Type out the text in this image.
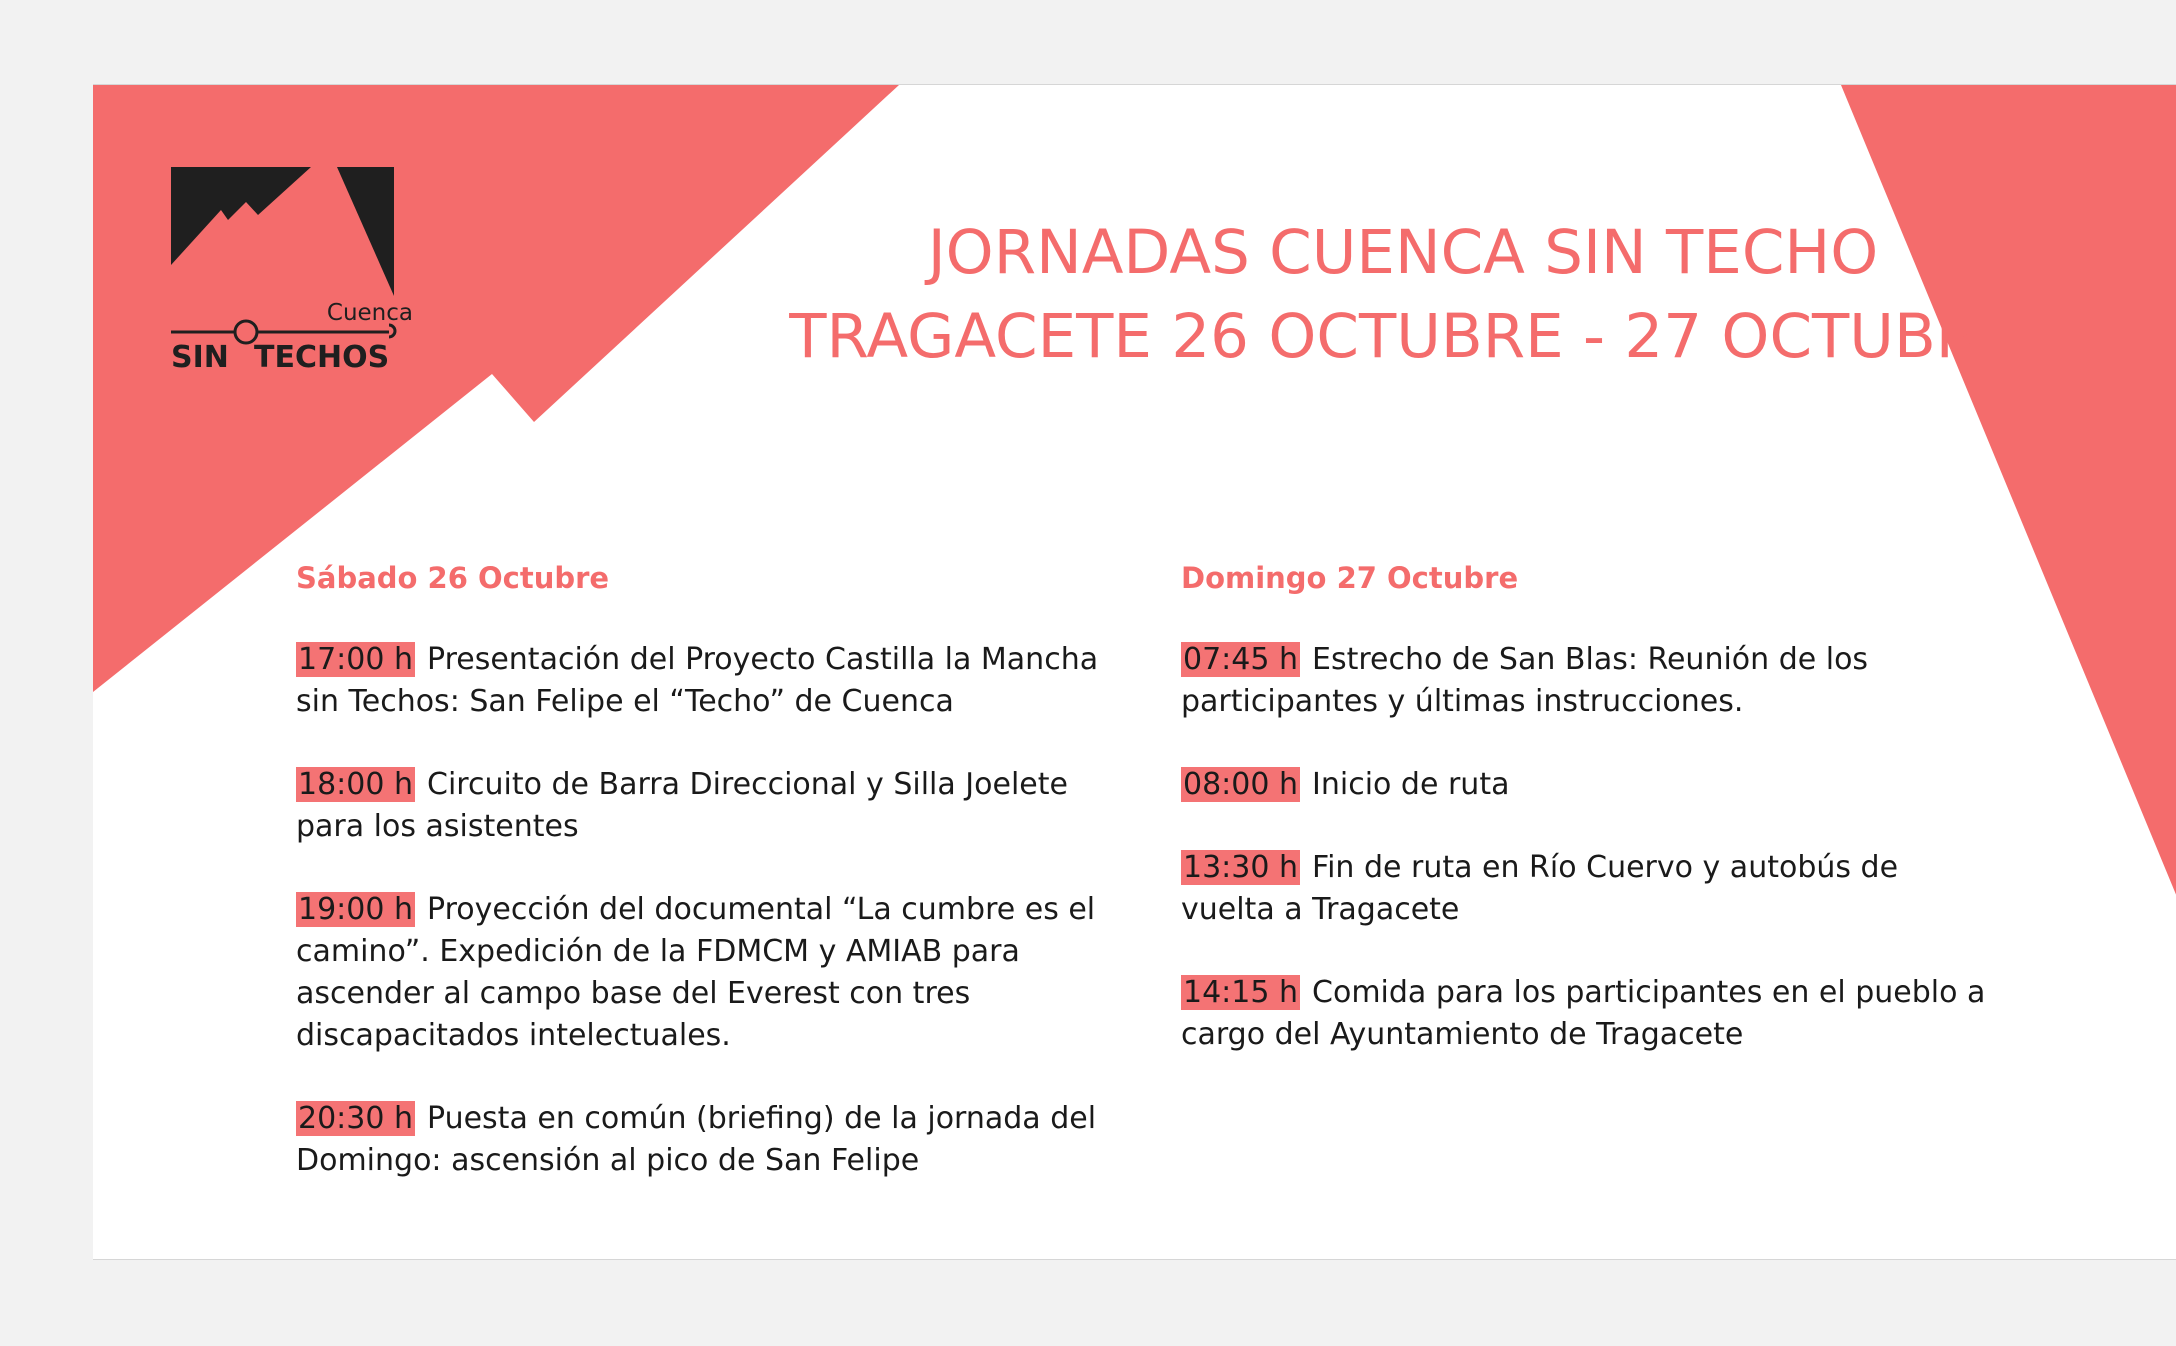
Cuenca
SIN TECHOS
JORNADAS CUENCA SIN TECHO
TRAGACETE 26 OCTUBRE - 27 OCTUBRE
Sábado 26 Octubre
17:00 h Presentación del Proyecto Castilla la Mancha sin Techos: San Felipe el “Techo” de Cuenca
18:00 h Circuito de Barra Direccional y Silla Joelete para los asistentes
19:00 h Proyección del documental “La cumbre es el camino”. Expedición de la FDMCM y AMIAB para ascender al campo base del Everest con tres discapacitados intelectuales.
20:30 h Puesta en común (briefing) de la jornada del Domingo: ascensión al pico de San Felipe
Domingo 27 Octubre
07:45 h Estrecho de San Blas: Reunión de los participantes y últimas instrucciones.
08:00 h Inicio de ruta
13:30 h Fin de ruta en Río Cuervo y autobús de vuelta a Tragacete
14:15 h Comida para los participantes en el pueblo a cargo del Ayuntamiento de Tragacete
